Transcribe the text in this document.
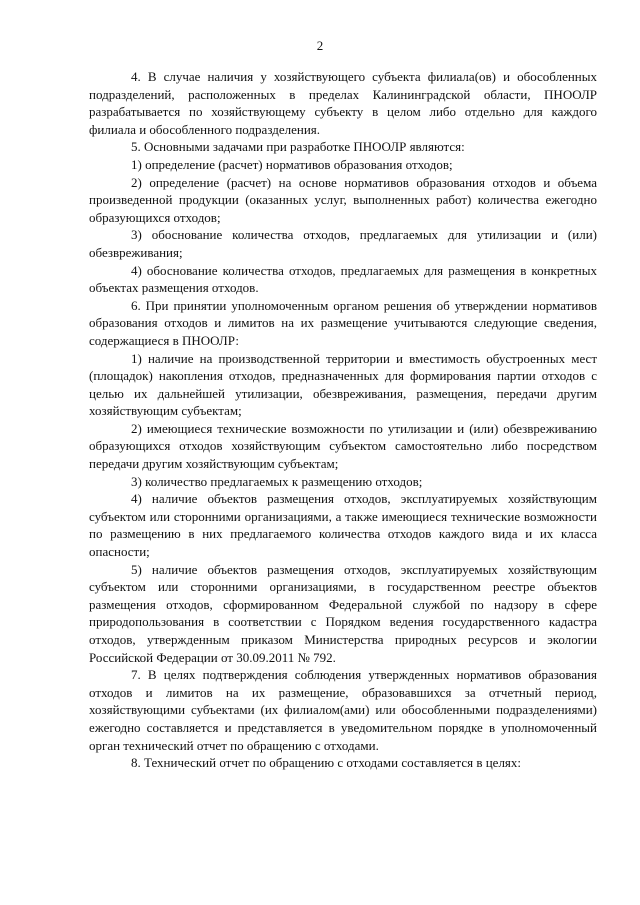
2

4. В случае наличия у хозяйствующего субъекта филиала(ов) и обособленных подразделений, расположенных в пределах Калининградской области, ПНООЛР разрабатывается по хозяйствующему субъекту в целом либо отдельно для каждого филиала и обособленного подразделения.

5. Основными задачами при разработке ПНООЛР являются:

1) определение (расчет) нормативов образования отходов;

2) определение (расчет) на основе нормативов образования отходов и объема произведенной продукции (оказанных услуг, выполненных работ) количества ежегодно образующихся отходов;

3) обоснование количества отходов, предлагаемых для утилизации и (или) обезвреживания;

4) обоснование количества отходов, предлагаемых для размещения в конкретных объектах размещения отходов.

6. При принятии уполномоченным органом решения об утверждении нормативов образования отходов и лимитов на их размещение учитываются следующие сведения, содержащиеся в ПНООЛР:

1) наличие на производственной территории и вместимость обустроенных мест (площадок) накопления отходов, предназначенных для формирования партии отходов с целью их дальнейшей утилизации, обезвреживания, размещения, передачи другим хозяйствующим субъектам;

2) имеющиеся технические возможности по утилизации и (или) обезвреживанию образующихся отходов хозяйствующим субъектом самостоятельно либо посредством передачи другим хозяйствующим субъектам;

3) количество предлагаемых к размещению отходов;

4) наличие объектов размещения отходов, эксплуатируемых хозяйствующим субъектом или сторонними организациями, а также имеющиеся технические возможности по размещению в них предлагаемого количества отходов каждого вида и их класса опасности;

5) наличие объектов размещения отходов, эксплуатируемых хозяйствующим субъектом или сторонними организациями, в государственном реестре объектов размещения отходов, сформированном Федеральной службой по надзору в сфере природопользования в соответствии с Порядком ведения государственного кадастра отходов, утвержденным приказом Министерства природных ресурсов и экологии Российской Федерации от 30.09.2011 № 792.

7. В целях подтверждения соблюдения утвержденных нормативов образования отходов и лимитов на их размещение, образовавшихся за отчетный период, хозяйствующими субъектами (их филиалом(ами) или обособленными подразделениями) ежегодно составляется и представляется в уведомительном порядке в уполномоченный орган технический отчет по обращению с отходами.

8. Технический отчет по обращению с отходами составляется в целях:
